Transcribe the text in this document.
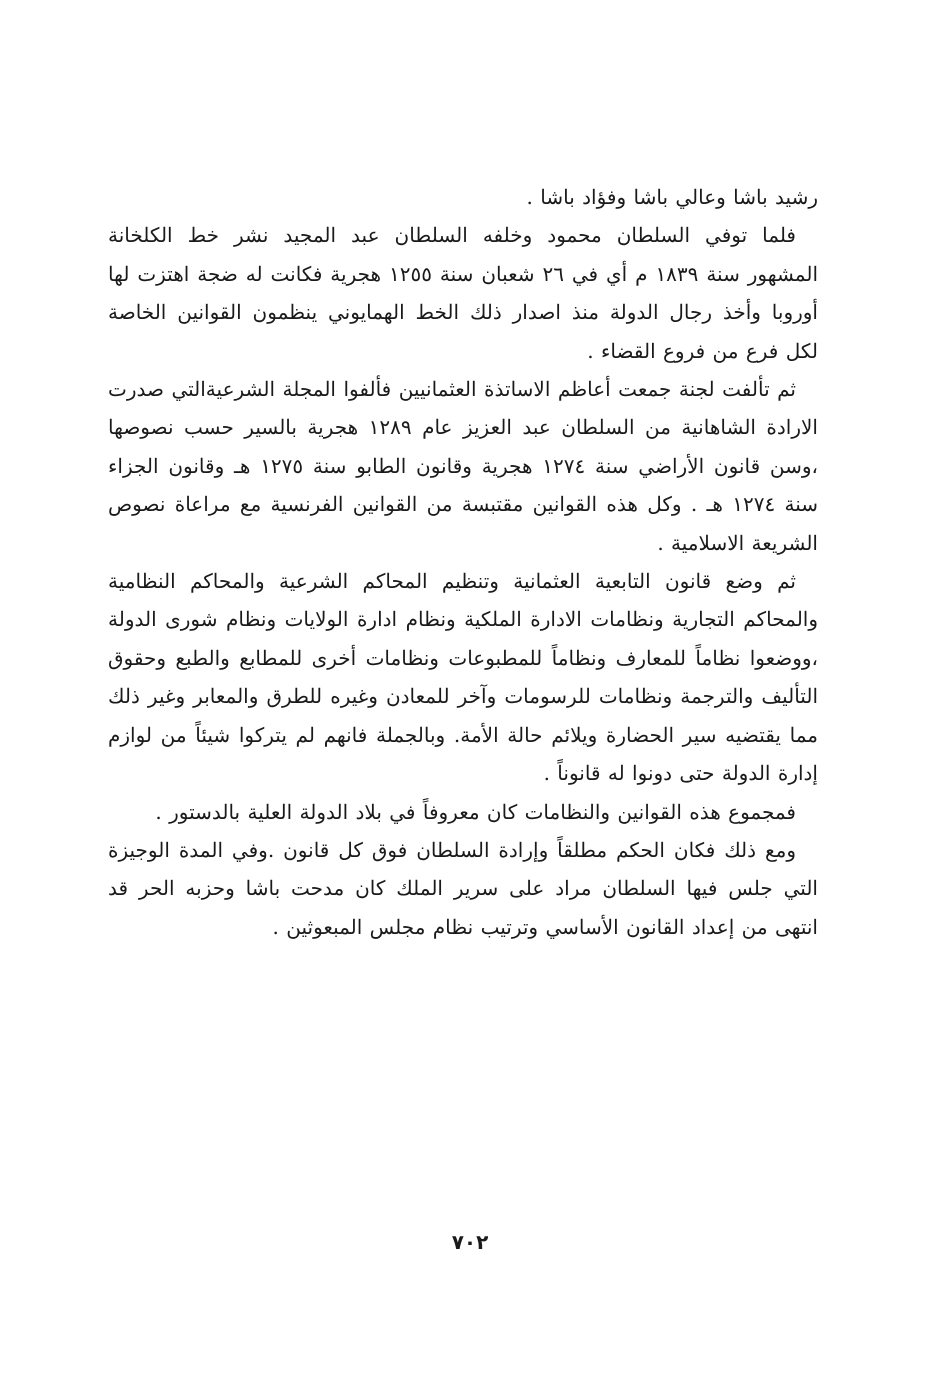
رشيد باشا وعالي باشا وفؤاد باشا .

فلما توفي السلطان محمود وخلفه السلطان عبد المجيد نشر خط الكلخانة المشهور سنة ١٨٣٩ م أي في ٢٦ شعبان سنة ١٢٥٥ هجرية فكانت له ضجة اهتزت لها أوروبا وأخذ رجال الدولة منذ اصدار ذلك الخط الهمايوني ينظمون القوانين الخاصة لكل فرع من فروع القضاء .

ثم تألفت لجنة جمعت أعاظم الاساتذة العثمانيين فألفوا المجلة الشرعيةالتي صدرت الارادة الشاهانية من السلطان عبد العزيز عام ١٢٨٩ هجرية بالسير حسب نصوصها ،وسن قانون الأراضي سنة ١٢٧٤ هجرية وقانون الطابو سنة ١٢٧٥ هـ وقانون الجزاء سنة ١٢٧٤ هـ . وكل هذه القوانين مقتبسة من القوانين الفرنسية مع مراعاة نصوص الشريعة الاسلامية .

ثم وضع قانون التابعية العثمانية وتنظيم المحاكم الشرعية والمحاكم النظامية والمحاكم التجارية ونظامات الادارة الملكية ونظام ادارة الولايات ونظام شورى الدولة ،ووضعوا نظاماً للمعارف ونظاماً للمطبوعات ونظامات أخرى للمطابع والطبع وحقوق التأليف والترجمة ونظامات للرسومات وآخر للمعادن وغيره للطرق والمعابر وغير ذلك مما يقتضيه سير الحضارة ويلائم حالة الأمة. وبالجملة فانهم لم يتركوا شيئاً من لوازم إدارة الدولة حتى دونوا له قانوناً .

فمجموع هذه القوانين والنظامات كان معروفاً في بلاد الدولة العلية بالدستور .

ومع ذلك فكان الحكم مطلقاً وإرادة السلطان فوق كل قانون .وفي المدة الوجيزة التي جلس فيها السلطان مراد على سرير الملك كان مدحت باشا وحزبه الحر قد انتهى من إعداد القانون الأساسي وترتيب نظام مجلس المبعوثين .

٧٠٢
